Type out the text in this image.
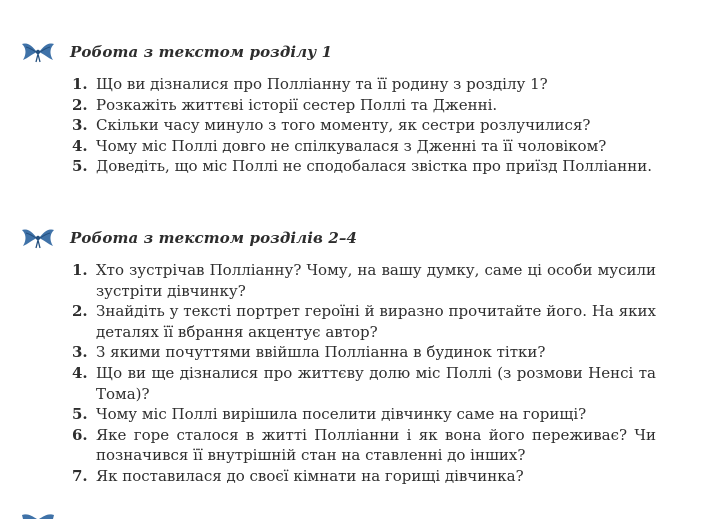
Робота з текстом розділу 1
1. Що ви дізналися про Поллiанну та її родину з розділу 1?
2. Розкажіть життєві історії сестер Поллі та Дженні.
3. Скільки часу минуло з того моменту, як сестри розлучилися?
4. Чому міс Поллі довго не спілкувалася з Дженні та її чоловіком?
5. Доведіть, що міс Поллі не сподобалася звістка про приїзд Поллiанни.
Робота з текстом розділів 2–4
1. Хто зустрічав Поллiанну? Чому, на вашу думку, саме ці особи мусили зустріти дівчинку?
2. Знайдіть у тексті портрет героїні й виразно прочитайте його. На яких деталях її вбрання акцентує автор?
3. З якими почуттями ввійшла Поллiанна в будинок тітки?
4. Що ви ще дізналися про життєву долю міс Поллі (з розмови Ненсі та Тома)?
5. Чому міс Поллі вирішила поселити дівчинку саме на горищі?
6. Яке горе сталося в житті Поллiанни і як вона його переживає? Чи позначився її внутрішній стан на ставленні до інших?
7. Як поставилася до своєї кімнати на горищі дівчинка?
